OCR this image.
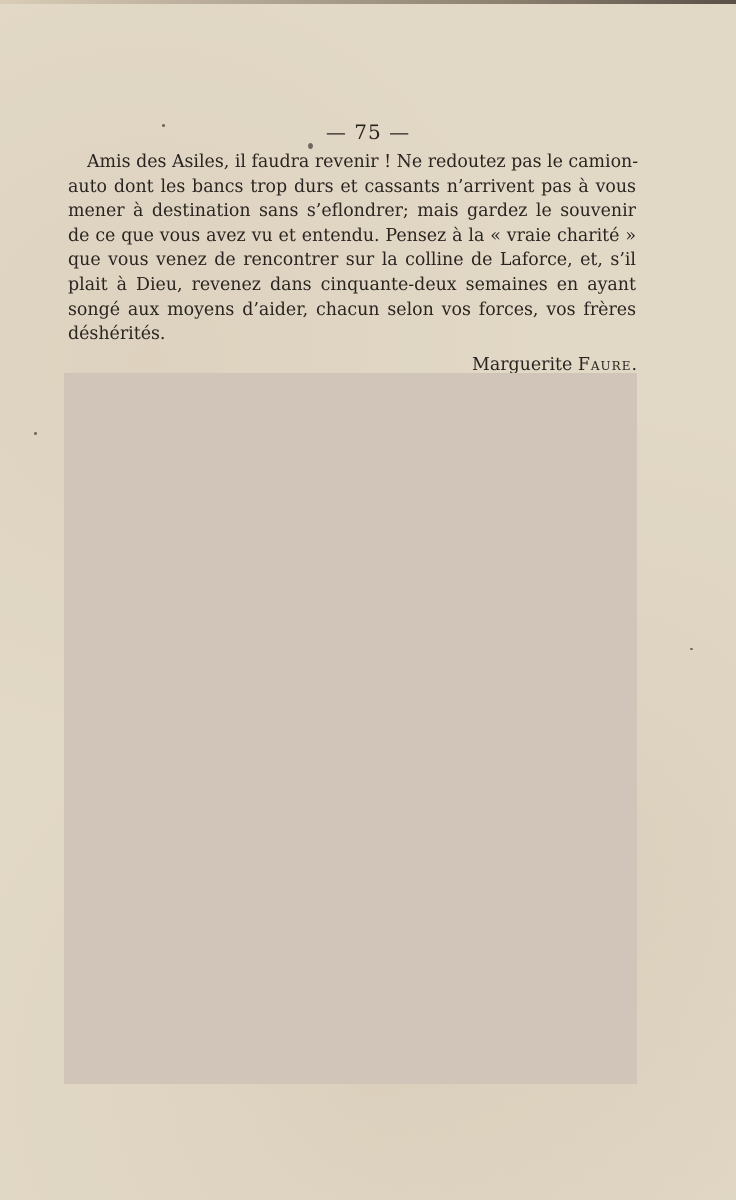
— 75 —
Amis des Asiles, il faudra revenir ! Ne redoutez pas le camion-
auto dont les bancs trop durs et cassants n’arrivent pas à vous
mener à destination sans s’eflondrer; mais gardez le souvenir
de ce que vous avez vu et entendu. Pensez à la « vraie charité »
que vous venez de rencontrer sur la colline de Laforce, et, s’il
plait à Dieu, revenez dans cinquante-deux semaines en ayant
songé aux moyens d’aider, chacun selon vos forces, vos frères
déshérités.
Marguerite Faure.
